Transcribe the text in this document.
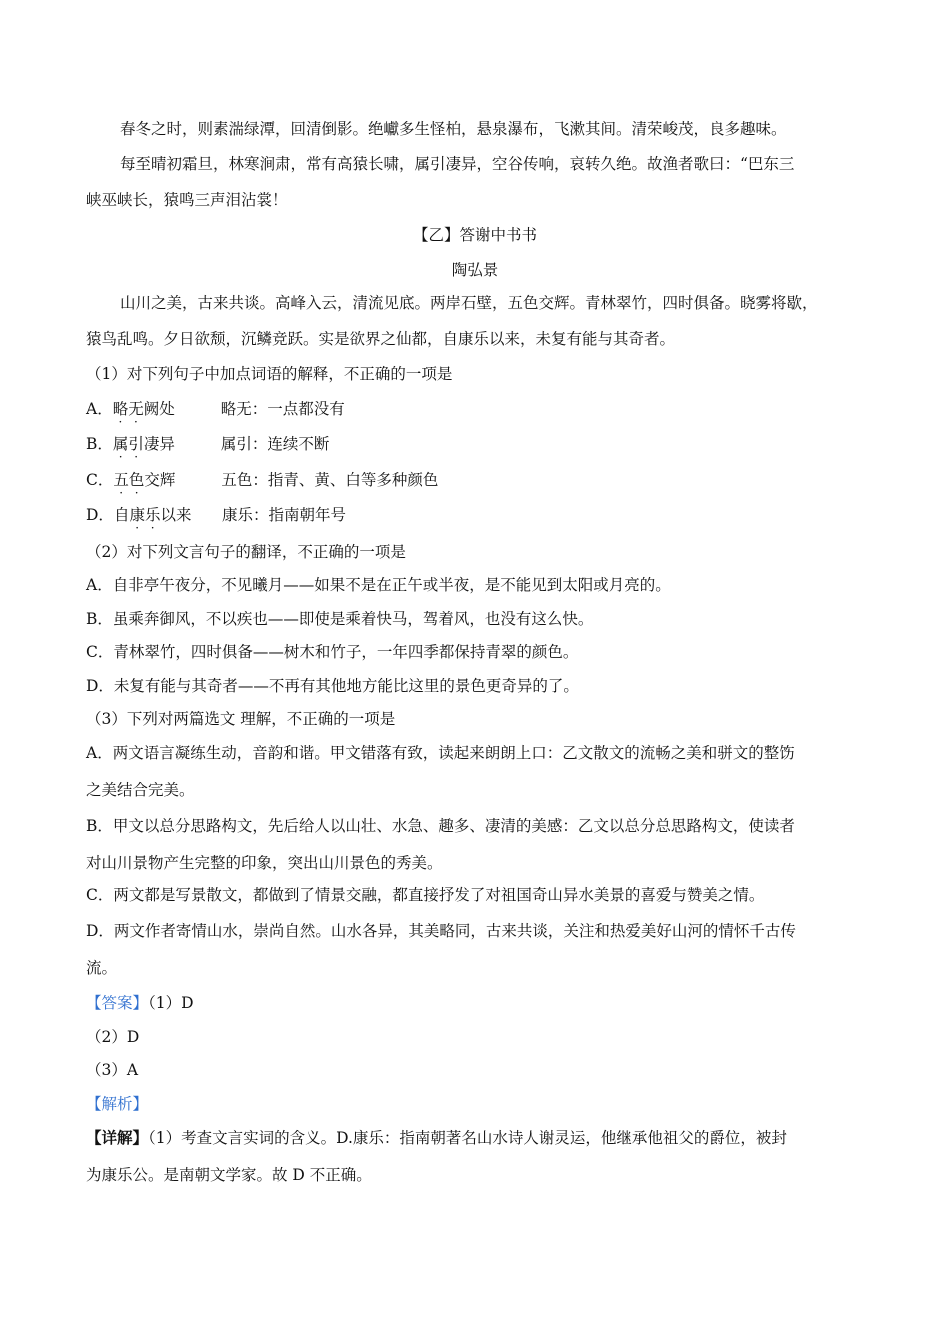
春冬之时，则素湍绿潭，回清倒影。绝巘多生怪柏，悬泉瀑布，飞漱其间。清荣峻茂，良多趣味。
每至晴初霜旦，林寒涧肃，常有高猿长啸，属引凄异，空谷传响，哀转久绝。故渔者歌曰：“巴东三
峡巫峡长，猿鸣三声泪沾裳！
【乙】答谢中书书
陶弘景
山川之美，古来共谈。高峰入云，清流见底。两岸石壁，五色交辉。青林翠竹，四时俱备。晓雾将歇，
猿鸟乱鸣。夕日欲颓，沉鳞竞跃。实是欲界之仙都，自康乐以来，未复有能与其奇者。
（1）对下列句子中加点词语的解释，不正确的一项是
A．略无阙处	略无：一点都没有
B．属引凄异	属引：连续不断
C．五色交辉	五色：指青、黄、白等多种颜色
D．自康乐以来 康乐：指南朝年号
（2）对下列文言句子的翻译，不正确的一项是
A．自非亭午夜分，不见曦月——如果不是在正午或半夜，是不能见到太阳或月亮的。
B．虽乘奔御风，不以疾也——即使是乘着快马，驾着风，也没有这么快。
C．青林翠竹，四时俱备——树木和竹子，一年四季都保持青翠的颜色。
D．未复有能与其奇者——不再有其他地方能比这里的景色更奇异的了。
（3）下列对两篇选文 理解，不正确的一项是
A．两文语言凝练生动，音韵和谐。甲文错落有致，读起来朗朗上口：乙文散文的流畅之美和骈文的整饬
之美结合完美。
B．甲文以总分思路构文，先后给人以山壮、水急、趣多、凄清的美感：乙文以总分总思路构文，使读者
对山川景物产生完整的印象，突出山川景色的秀美。
C．两文都是写景散文，都做到了情景交融，都直接抒发了对祖国奇山异水美景的喜爱与赞美之情。
D．两文作者寄情山水，崇尚自然。山水各异，其美略同，古来共谈，关注和热爱美好山河的情怀千古传
流。
【答案】（1）D
（2）D
（3）A
【解析】
【详解】（1）考查文言实词的含义。D.康乐：指南朝著名山水诗人谢灵运，他继承他祖父的爵位，被封
为康乐公。是南朝文学家。故 D 不正确。
